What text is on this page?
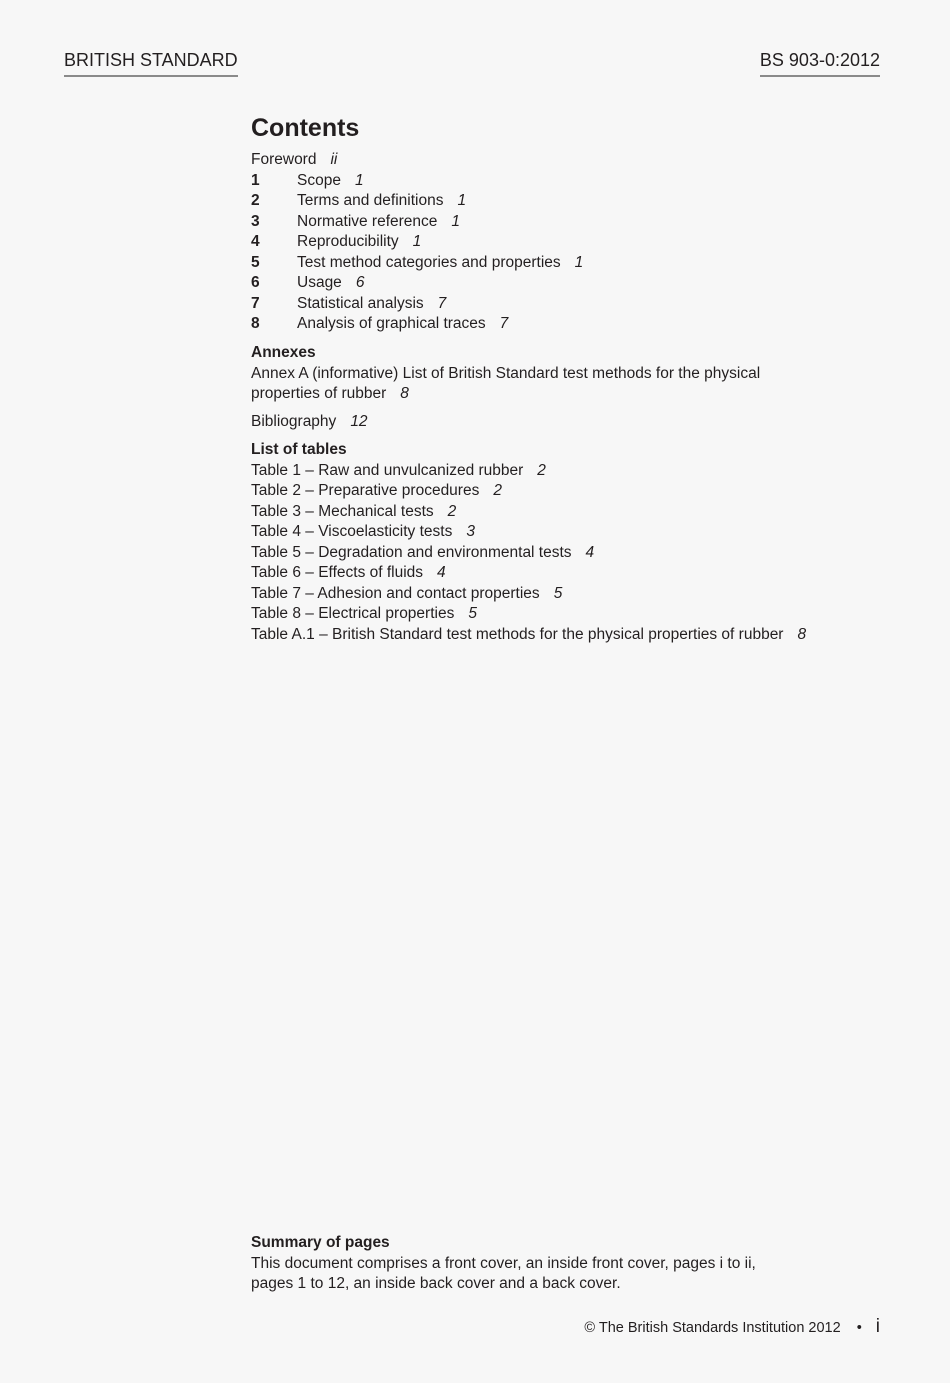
BRITISH STANDARD	BS 903-0:2012
Contents
Foreword ii
1 Scope 1
2 Terms and definitions 1
3 Normative reference 1
4 Reproducibility 1
5 Test method categories and properties 1
6 Usage 6
7 Statistical analysis 7
8 Analysis of graphical traces 7
Annexes
Annex A (informative) List of British Standard test methods for the physical
properties of rubber 8
Bibliography 12
List of tables
Table 1 – Raw and unvulcanized rubber 2
Table 2 – Preparative procedures 2
Table 3 – Mechanical tests 2
Table 4 – Viscoelasticity tests 3
Table 5 – Degradation and environmental tests 4
Table 6 – Effects of fluids 4
Table 7 – Adhesion and contact properties 5
Table 8 – Electrical properties 5
Table A.1 – British Standard test methods for the physical properties of rubber 8
Summary of pages
This document comprises a front cover, an inside front cover, pages i to ii,
pages 1 to 12, an inside back cover and a back cover.
© The British Standards Institution 2012 • i
